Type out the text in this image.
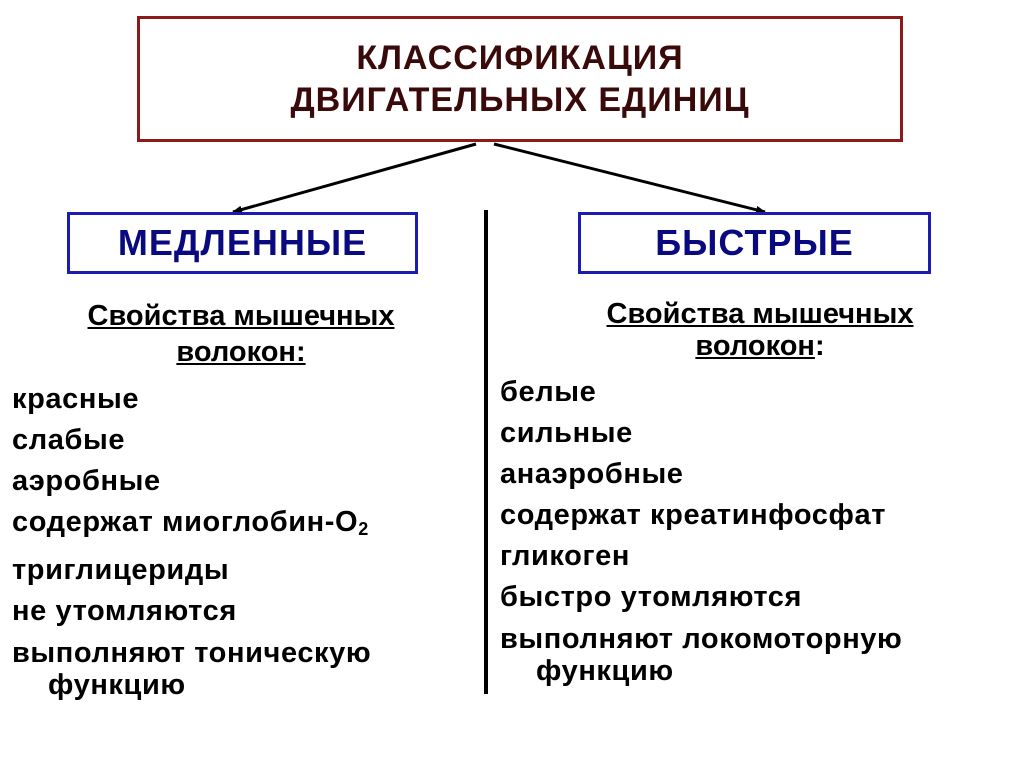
КЛАССИФИКАЦИЯ
ДВИГАТЕЛЬНЫХ ЕДИНИЦ
МЕДЛЕННЫЕ	БЫСТРЫЕ
Свойства мышечных
волокон:
красные
слабые
аэробные
содержат миоглобин-$O_2$
триглицериды
не утомляются
выполняют тоническую
функцию
Свойства мышечных
волокон:
белые
сильные
анаэробные
содержат креатинфосфат
гликоген
быстро утомляются
выполняют локомоторную
функцию
